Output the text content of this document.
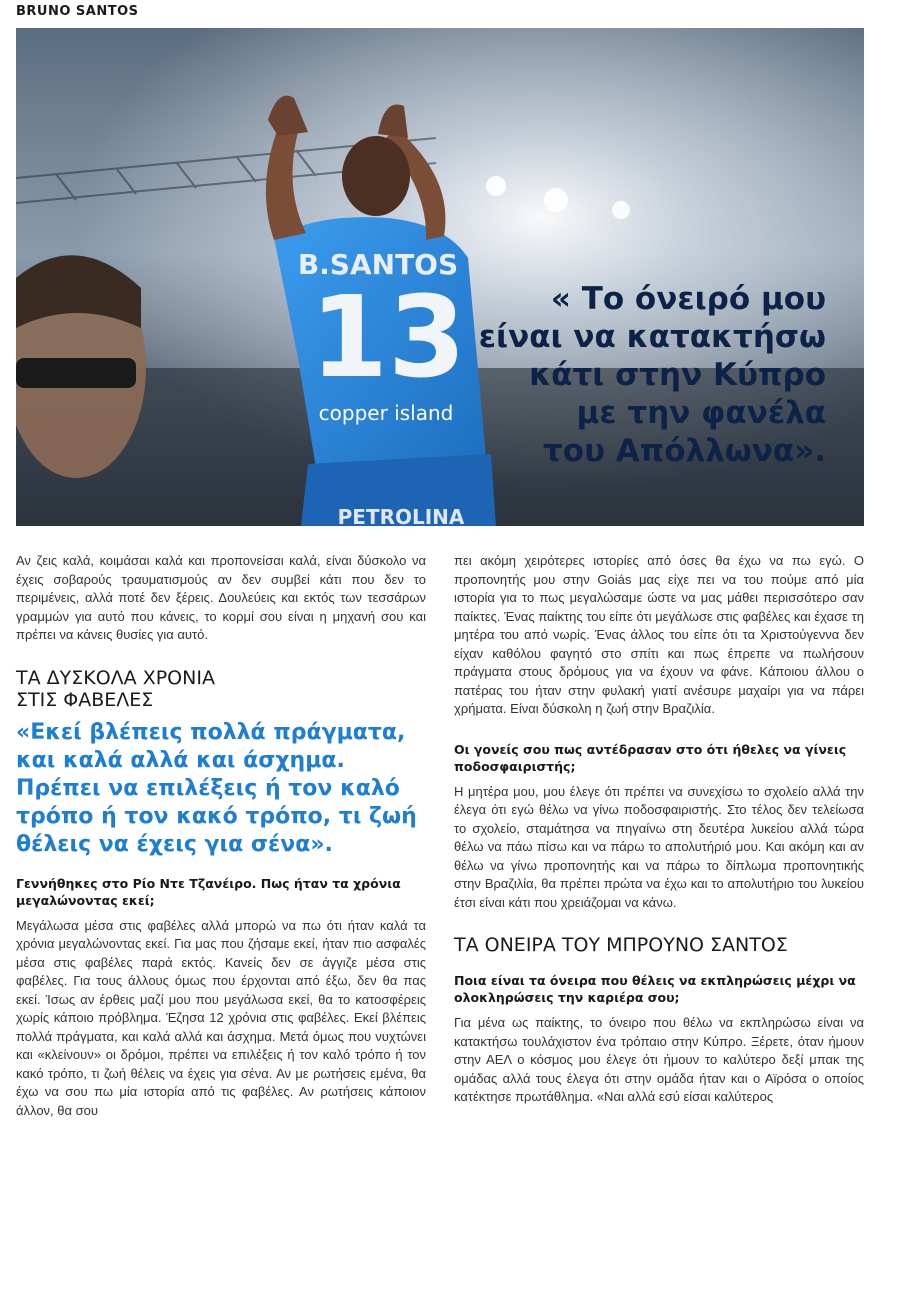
BRUNO SANTOS
B.SANTOS
13
copper island
PETROLINA
« Το όνειρό μου
είναι να κατακτήσω
κάτι στην Κύπρο
με την φανέλα
του Απόλλωνα».

Αν ζεις καλά, κοιμάσαι καλά και προπονείσαι καλά, είναι δύσκολο να έχεις σοβαρούς τραυματισμούς αν δεν συμβεί κάτι που δεν το περιμένεις, αλλά ποτέ δεν ξέρεις. Δουλεύεις και εκτός των τεσσάρων γραμμών για αυτό που κάνεις, το κορμί σου είναι η μηχανή σου και πρέπει να κάνεις θυσίες για αυτό.

ΤΑ ΔΥΣΚΟΛΑ ΧΡΟΝΙΑ
ΣΤΙΣ ΦΑΒΕΛΕΣ

«Εκεί βλέπεις πολλά πράγματα, και καλά αλλά και άσχημα. Πρέπει να επιλέξεις ή τον καλό τρόπο ή τον κακό τρόπο, τι ζωή θέλεις να έχεις για σένα».

Γεννήθηκες στο Ρίο Ντε Τζανέιρο. Πως ήταν τα χρόνια μεγαλώνοντας εκεί;

Μεγάλωσα μέσα στις φαβέλες αλλά μπορώ να πω ότι ήταν καλά τα χρόνια μεγαλώνοντας εκεί. Για μας που ζήσαμε εκεί, ήταν πιο ασφαλές μέσα στις φαβέλες παρά εκτός. Κανείς δεν σε άγγιζε μέσα στις φαβέλες. Για τους άλλους όμως που έρχονται από έξω, δεν θα πας εκεί. Ίσως αν έρθεις μαζί μου που μεγάλωσα εκεί, θα το κατοσφέρεις χωρίς κάποιο πρόβλημα. Έζησα 12 χρόνια στις φαβέλες. Εκεί βλέπεις πολλά πράγματα, και καλά αλλά και άσχημα. Μετά όμως που νυχτώνει και «κλείνουν» οι δρόμοι, πρέπει να επιλέξεις ή τον καλό τρόπο ή τον κακό τρόπο, τι ζωή θέλεις να έχεις για σένα. Αν με ρωτήσεις εμένα, θα έχω να σου πω μία ιστορία από τις φαβέλες. Αν ρωτήσεις κάποιον άλλον, θα σου

πει ακόμη χειρότερες ιστορίες από όσες θα έχω να πω εγώ. Ο προπονητής μου στην Goiás μας είχε πει να του πούμε από μία ιστορία για το πως μεγαλώσαμε ώστε να μας μάθει περισσότερο σαν παίκτες. Ένας παίκτης του είπε ότι μεγάλωσε στις φαβέλες και έχασε τη μητέρα του από νωρίς. Ένας άλλος του είπε ότι τα Χριστούγεννα δεν είχαν καθόλου φαγητό στο σπίτι και πως έπρεπε να πωλήσουν πράγματα στους δρόμους για να έχουν να φάνε. Κάποιου άλλου ο πατέρας του ήταν στην φυλακή γιατί ανέσυρε μαχαίρι για να πάρει χρήματα. Είναι δύσκολη η ζωή στην Βραζιλία.

Οι γονείς σου πως αντέδρασαν στο ότι ήθελες να γίνεις ποδοσφαιριστής;

Η μητέρα μου, μου έλεγε ότι πρέπει να συνεχίσω το σχολείο αλλά την έλεγα ότι εγώ θέλω να γίνω ποδοσφαιριστής. Στο τέλος δεν τελείωσα το σχολείο, σταμάτησα να πηγαίνω στη δευτέρα λυκείου αλλά τώρα θέλω να πάω πίσω και να πάρω το απολυτήριό μου. Και ακόμη και αν θέλω να γίνω προπονητής και να πάρω το δίπλωμα προπονητικής στην Βραζιλία, θα πρέπει πρώτα να έχω και το απολυτήριο του λυκείου έτσι είναι κάτι που χρειάζομαι να κάνω.

ΤΑ ΟΝΕΙΡΑ ΤΟΥ ΜΠΡΟΥΝΟ ΣΑΝΤΟΣ

Ποια είναι τα όνειρα που θέλεις να εκπληρώσεις μέχρι να ολοκληρώσεις την καριέρα σου;

Για μένα ως παίκτης, το όνειρο που θέλω να εκπληρώσω είναι να κατακτήσω τουλάχιστον ένα τρόπαιο στην Κύπρο. Ξέρετε, όταν ήμουν στην ΑΕΛ ο κόσμος μου έλεγε ότι ήμουν το καλύτερο δεξί μπακ της ομάδας αλλά τους έλεγα ότι στην ομάδα ήταν και ο Αϊρόσα ο οποίος κατέκτησε πρωτάθλημα. «Ναι αλλά εσύ είσαι καλύτερος
